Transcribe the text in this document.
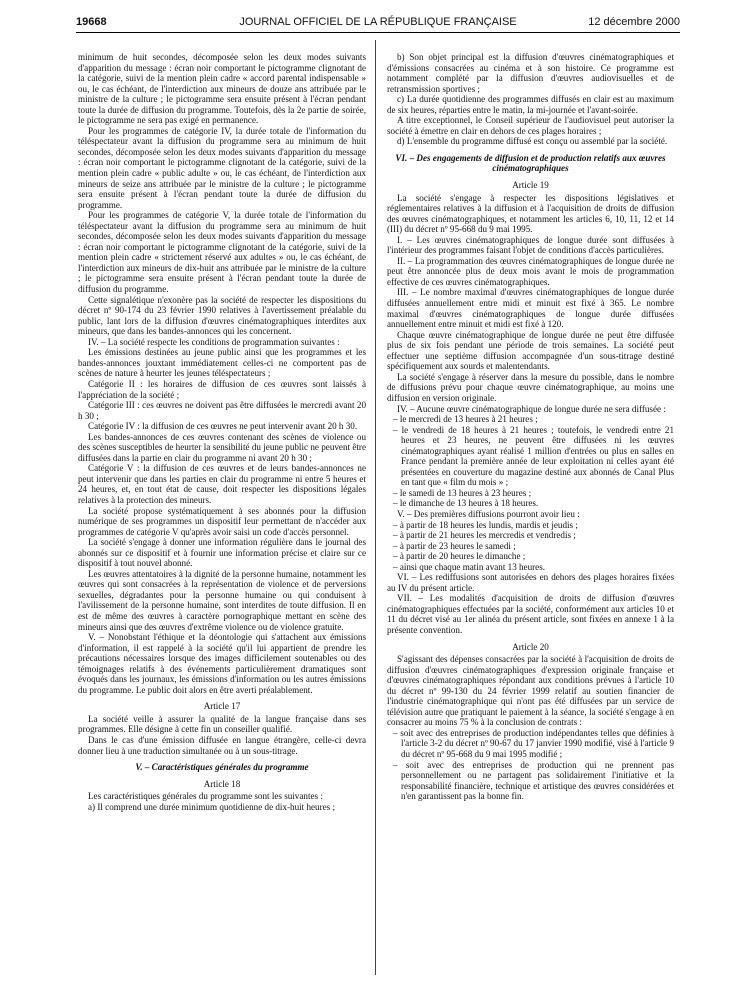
19668	JOURNAL OFFICIEL DE LA RÉPUBLIQUE FRANÇAISE	12 décembre 2000

minimum de huit secondes, décomposée selon les deux modes suivants d'apparition du message : écran noir comportant le pictogramme clignotant de la catégorie, suivi de la mention plein cadre « accord parental indispensable » ou, le cas échéant, de l'interdiction aux mineurs de douze ans attribuée par le ministre de la culture ; le pictogramme sera ensuite présent à l'écran pendant toute la durée de diffusion du programme. Toutefois, dès la 2e partie de soirée, le pictogramme ne sera pas exigé en permanence.

Pour les programmes de catégorie IV, la durée totale de l'information du téléspectateur avant la diffusion du programme sera au minimum de huit secondes, décomposée selon les deux modes suivants d'apparition du message : écran noir comportant le pictogramme clignotant de la catégorie, suivi de la mention plein cadre « public adulte » ou, le cas échéant, de l'interdiction aux mineurs de seize ans attribuée par le ministre de la culture ; le pictogramme sera ensuite présent à l'écran pendant toute la durée de diffusion du programme.

Pour les programmes de catégorie V, la durée totale de l'information du téléspectateur avant la diffusion du programme sera au minimum de huit secondes, décomposée selon les deux modes suivants d'apparition du message : écran noir comportant le pictogramme clignotant de la catégorie, suivi de la mention plein cadre « strictement réservé aux adultes » ou, le cas échéant, de l'interdiction aux mineurs de dix-huit ans attribuée par le ministre de la culture ; le pictogramme sera ensuite présent à l'écran pendant toute la durée de diffusion du programme.

Cette signalétique n'exonère pas la société de respecter les dispositions du décret nº 90-174 du 23 février 1990 relatives à l'avertissement préalable du public, lant lors de la diffusion d'œuvres cinématographiques interdites aux mineurs, que dans les bandes-annonces qui les concernent.

IV. – La société respecte les conditions de programmation suivantes :

Les émissions destinées au jeune public ainsi que les programmes et les bandes-annonces jouxtant immédiatement celles-ci ne comportent pas de scènes de nature à heurter les jeunes téléspectateurs ;

Catégorie II : les horaires de diffusion de ces œuvres sont laissés à l'appréciation de la société ;

Catégorie III : ces œuvres ne doivent pas être diffusées le mercredi avant 20 h 30 ;

Catégorie IV : la diffusion de ces œuvres ne peut intervenir avant 20 h 30.

Les bandes-annonces de ces œuvres contenant des scènes de violence ou des scènes susceptibles de heurter la sensibilité du jeune public ne peuvent être diffusées dans la partie en clair du programme ni avant 20 h 30 ;

Catégorie V : la diffusion de ces œuvres et de leurs bandes-annonces ne peut intervenir que dans les parties en clair du programme ni entre 5 heures et 24 heures, et, en tout état de cause, doit respecter les dispositions légales relatives à la protection des mineurs.

La société propose systématiquement à ses abonnés pour la diffusion numérique de ses programmes un dispositif leur permettant de n'accéder aux programmes de catégorie V qu'après avoir saisi un code d'accès personnel.

La société s'engage à donner une information régulière dans le journal des abonnés sur ce dispositif et à fournir une information précise et claire sur ce dispositif à tout nouvel abonné.

Les œuvres attentatoires à la dignité de la personne humaine, notamment les œuvres qui sont consacrées à la représentation de violence et de perversions sexuelles, dégradantes pour la personne humaine ou qui conduisent à l'avilissement de la personne humaine, sont interdites de toute diffusion. Il en est de même des œuvres à caractère pornographique mettant en scène des mineurs ainsi que des œuvres d'extrême violence ou de violence gratuite.

V. – Nonobstant l'éthique et la déontologie qui s'attachent aux émissions d'information, il est rappelé à la société qu'il lui appartient de prendre les précautions nécessaires lorsque des images difficilement soutenables ou des témoignages relatifs à des événements particulièrement dramatiques sont évoqués dans les journaux, les émissions d'information ou les autres émissions du programme. Le public doit alors en être averti préalablement.

Article 17

La société veille à assurer la qualité de la langue française dans ses programmes. Elle désigne à cette fin un conseiller qualifié.

Dans le cas d'une émission diffusée en langue étrangère, celle-ci devra donner lieu à une traduction simultanée ou à un sous-titrage.

V. – Caractéristiques générales du programme

Article 18

Les caractéristiques générales du programme sont les suivantes :

a) Il comprend une durée minimum quotidienne de dix-huit heures ;

b) Son objet principal est la diffusion d'œuvres cinématographiques et d'émissions consacrées au cinéma et à son histoire. Ce programme est notamment complété par la diffusion d'œuvres audiovisuelles et de retransmission sportives ;

c) La durée quotidienne des programmes diffusés en clair est au maximum de six heures, réparties entre le matin, la mi-journée et l'avant-soirée.

A titre exceptionnel, le Conseil supérieur de l'audiovisuel peut autoriser la société à émettre en clair en dehors de ces plages horaires ;

d) L'ensemble du programme diffusé est conçu ou assemblé par la société.

VI. – Des engagements de diffusion et de production relatifs aux œuvres cinématographiques

Article 19

La société s'engage à respecter les dispositions législatives et réglementaires relatives à la diffusion et à l'acquisition de droits de diffusion des œuvres cinématographiques, et notamment les articles 6, 10, 11, 12 et 14 (III) du décret nº 95-668 du 9 mai 1995.

I. – Les œuvres cinématographiques de longue durée sont diffusées à l'intérieur des programmes faisant l'objet de conditions d'accès particulières.

II. – La programmation des œuvres cinématographiques de longue durée ne peut être annoncée plus de deux mois avant le mois de programmation effective de ces œuvres cinématographiques.

III. – Le nombre maximal d'œuvres cinématographiques de longue durée diffusées annuellement entre midi et minuit est fixé à 365. Le nombre maximal d'œuvres cinématographiques de longue durée diffusées annuellement entre minuit et midi est fixé à 120.

Chaque œuvre cinématographique de longue durée ne peut être diffusée plus de six fois pendant une période de trois semaines. La société peut effectuer une septième diffusion accompagnée d'un sous-titrage destiné spécifiquement aux sourds et malentendants.

La société s'engage à réserver dans la mesure du possible, dans le nombre de diffusions prévu pour chaque œuvre cinématographique, au moins une diffusion en version originale.

IV. – Aucune œuvre cinématographique de longue durée ne sera diffusée :

– le mercredi de 13 heures à 21 heures ;

– le vendredi de 18 heures à 21 heures ; toutefois, le vendredi entre 21 heures et 23 heures, ne peuvent être diffusées ni les œuvres cinématographiques ayant réalisé 1 million d'entrées ou plus en salles en France pendant la première année de leur exploitation ni celles ayant été présentées en couverture du magazine destiné aux abonnés de Canal Plus en tant que « film du mois » ;

– le samedi de 13 heures à 23 heures ;

– le dimanche de 13 heures à 18 heures.

V. – Des premières diffusions pourront avoir lieu :

– à partir de 18 heures les lundis, mardis et jeudis ;

– à partir de 21 heures les mercredis et vendredis ;

– à partir de 23 heures le samedi ;

– à partir de 20 heures le dimanche ;

– ainsi que chaque matin avant 13 heures.

VI. – Les rediffusions sont autorisées en dehors des plages horaires fixées au IV du présent article.

VII. – Les modalités d'acquisition de droits de diffusion d'œuvres cinématographiques effectuées par la société, conformément aux articles 10 et 11 du décret visé au 1er alinéa du présent article, sont fixées en annexe 1 à la présente convention.

Article 20

S'agissant des dépenses consacrées par la société à l'acquisition de droits de diffusion d'œuvres cinématographiques d'expression originale française et d'œuvres cinématographiques répondant aux conditions prévues à l'article 10 du décret nº 99-130 du 24 février 1999 relatif au soutien financier de l'industrie cinématographique qui n'ont pas été diffusées par un service de télévision autre que pratiquant le paiement à la séance, la société s'engage à en consacrer au moins 75 % à la conclusion de contrats :

– soit avec des entreprises de production indépendantes telles que définies à l'article 3-2 du décret nº 90-67 du 17 janvier 1990 modifié, visé à l'article 9 du décret nº 95-668 du 9 mai 1995 modifié ;

– soit avec des entreprises de production qui ne prennent pas personnellement ou ne partagent pas solidairement l'initiative et la responsabilité financière, technique et artistique des œuvres considérées et n'en garantissent pas la bonne fin.
